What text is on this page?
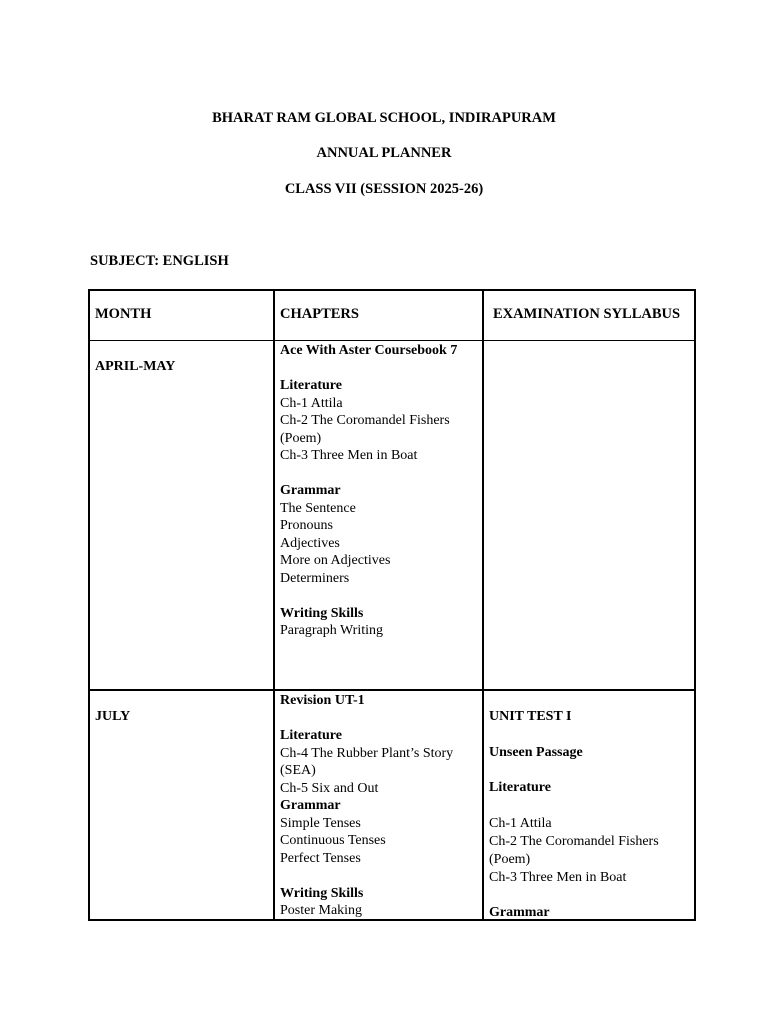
BHARAT RAM GLOBAL SCHOOL, INDIRAPURAM
ANNUAL PLANNER
CLASS VII (SESSION 2025-26)
SUBJECT: ENGLISH
MONTH	CHAPTERS	EXAMINATION SYLLABUS
APRIL-MAY
Ace With Aster Coursebook 7
Literature
Ch-1 Attila
Ch-2 The Coromandel Fishers
(Poem)
Ch-3 Three Men in Boat
Grammar
The Sentence
Pronouns
Adjectives
More on Adjectives
Determiners
Writing Skills
Paragraph Writing
JULY
Revision UT-1
Literature
Ch-4 The Rubber Plant’s Story
(SEA)
Ch-5 Six and Out
Grammar
Simple Tenses
Continuous Tenses
Perfect Tenses
Writing Skills
Poster Making
UNIT TEST I
Unseen Passage
Literature
Ch-1 Attila
Ch-2 The Coromandel Fishers
(Poem)
Ch-3 Three Men in Boat
Grammar
